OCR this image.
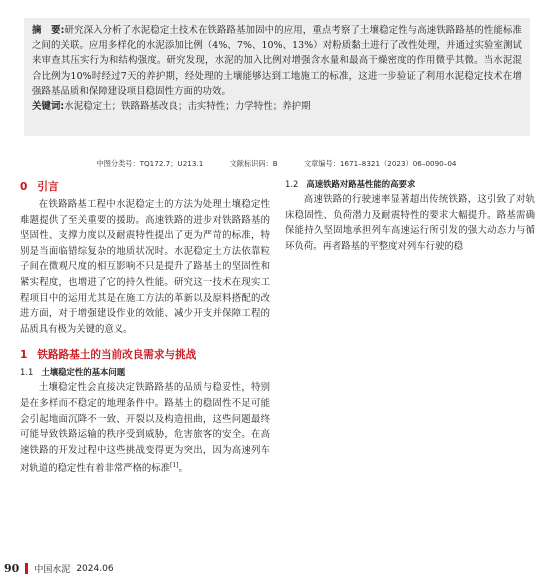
摘　要:研究深入分析了水泥稳定土技术在铁路路基加固中的应用，重点考察了土壤稳定性与高速铁路路基的性能标准之间的关联。应用多样化的水泥添加比例（4%、7%、10%、13%）对粉质黏土进行了改性处理，并通过实验室测试来审查其压实行为和结构强度。研究发现，水泥的加入比例对增强含水量和最高干燥密度的作用微乎其微。当水泥混合比例为10%时经过7天的养护期，经处理的土壤能够达到工地施工的标准，这进一步验证了利用水泥稳定技术在增强路基品质和保障建设项目稳固性方面的功效。

关键词:水泥稳定土；铁路路基改良；击实特性；力学特性；养护期

中图分类号：TQ172.7；U213.1	文献标识码：B	文章编号：1671–8321（2023）06–0090–04
0 引言

在铁路路基工程中水泥稳定土的方法为处理土壤稳定性难题提供了至关重要的援助。高速铁路的进步对铁路路基的坚固性、支撑力度以及耐震特性提出了更为严苛的标准，特别是当面临错综复杂的地质状况时。水泥稳定土方法依靠粒子间在微观尺度的相互影响不只是提升了路基土的坚固性和紧实程度，也增进了它的持久性能。研究这一技术在现实工程项目中的运用尤其是在施工方法的革新以及原料搭配的改进方面，对于增强建设作业的效能、减少开支并保障工程的品质具有极为关键的意义。

1 铁路路基土的当前改良需求与挑战
1.1 土壤稳定性的基本问题

土壤稳定性会直接决定铁路路基的品质与稳妥性，特别是在多样而不稳定的地理条件中。路基土的稳固性不足可能会引起地面沉降不一致、开裂以及构造扭曲，这些问题最终可能导致铁路运输的秩序受到威胁，危害旅客的安全。在高速铁路的开发过程中这些挑战变得更为突出，因为高速列车对轨道的稳定性有着非常严格的标准[1]。

1.2 高速铁路对路基性能的高要求

高速铁路的行驶速率显著超出传统铁路，这引致了对轨床稳固性、负荷潜力及耐震特性的要求大幅提升。路基需确保能持久坚固地承担列车高速运行所引发的强大动态力与循环负荷。再者路基的平整度对列车行驶的稳

90 中国水泥 2024.06
